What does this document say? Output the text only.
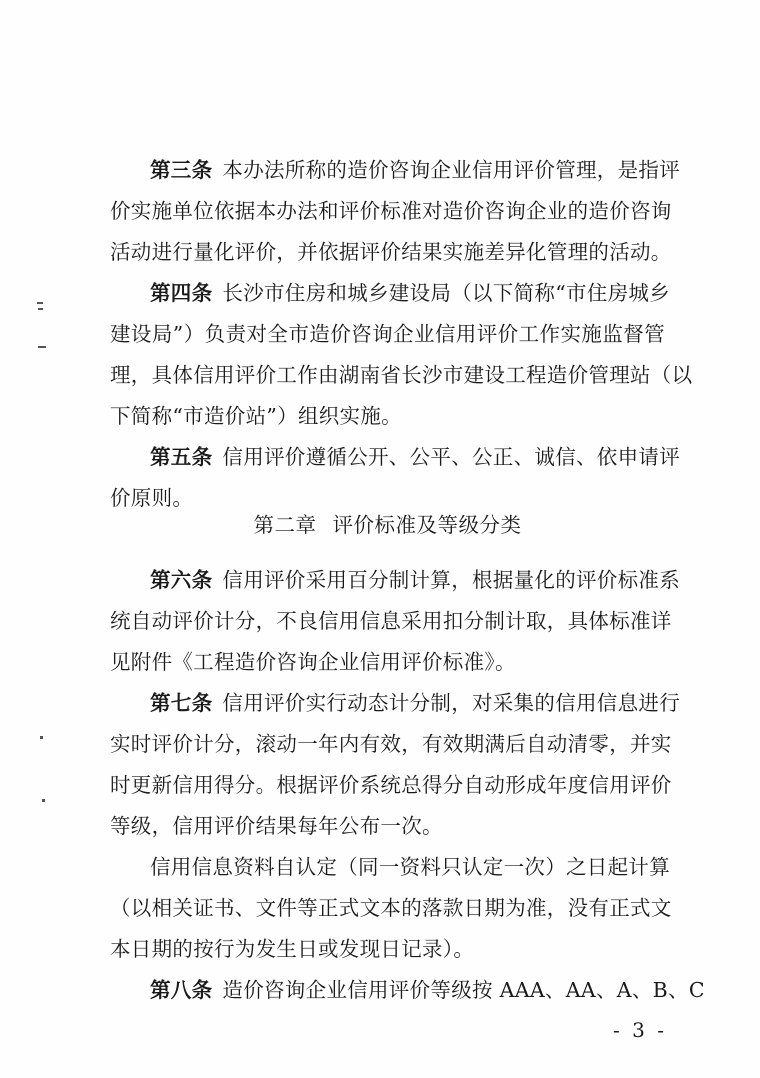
第三条 本办法所称的造价咨询企业信用评价管理，是指评
价实施单位依据本办法和评价标准对造价咨询企业的造价咨询
活动进行量化评价，并依据评价结果实施差异化管理的活动。
第四条 长沙市住房和城乡建设局（以下简称“市住房城乡
建设局”）负责对全市造价咨询企业信用评价工作实施监督管
理，具体信用评价工作由湖南省长沙市建设工程造价管理站（以
下简称“市造价站”）组织实施。
第五条 信用评价遵循公开、公平、公正、诚信、依申请评
价原则。
第二章 评价标准及等级分类
第六条 信用评价采用百分制计算，根据量化的评价标准系
统自动评价计分，不良信用信息采用扣分制计取，具体标准详
见附件《工程造价咨询企业信用评价标准》。
第七条 信用评价实行动态计分制，对采集的信用信息进行
实时评价计分，滚动一年内有效，有效期满后自动清零，并实
时更新信用得分。根据评价系统总得分自动形成年度信用评价
等级，信用评价结果每年公布一次。
信用信息资料自认定（同一资料只认定一次）之日起计算
（以相关证书、文件等正式文本的落款日期为准，没有正式文
本日期的按行为发生日或发现日记录）。
第八条 造价咨询企业信用评价等级按 AAA、AA、A、B、C
- 3 -
